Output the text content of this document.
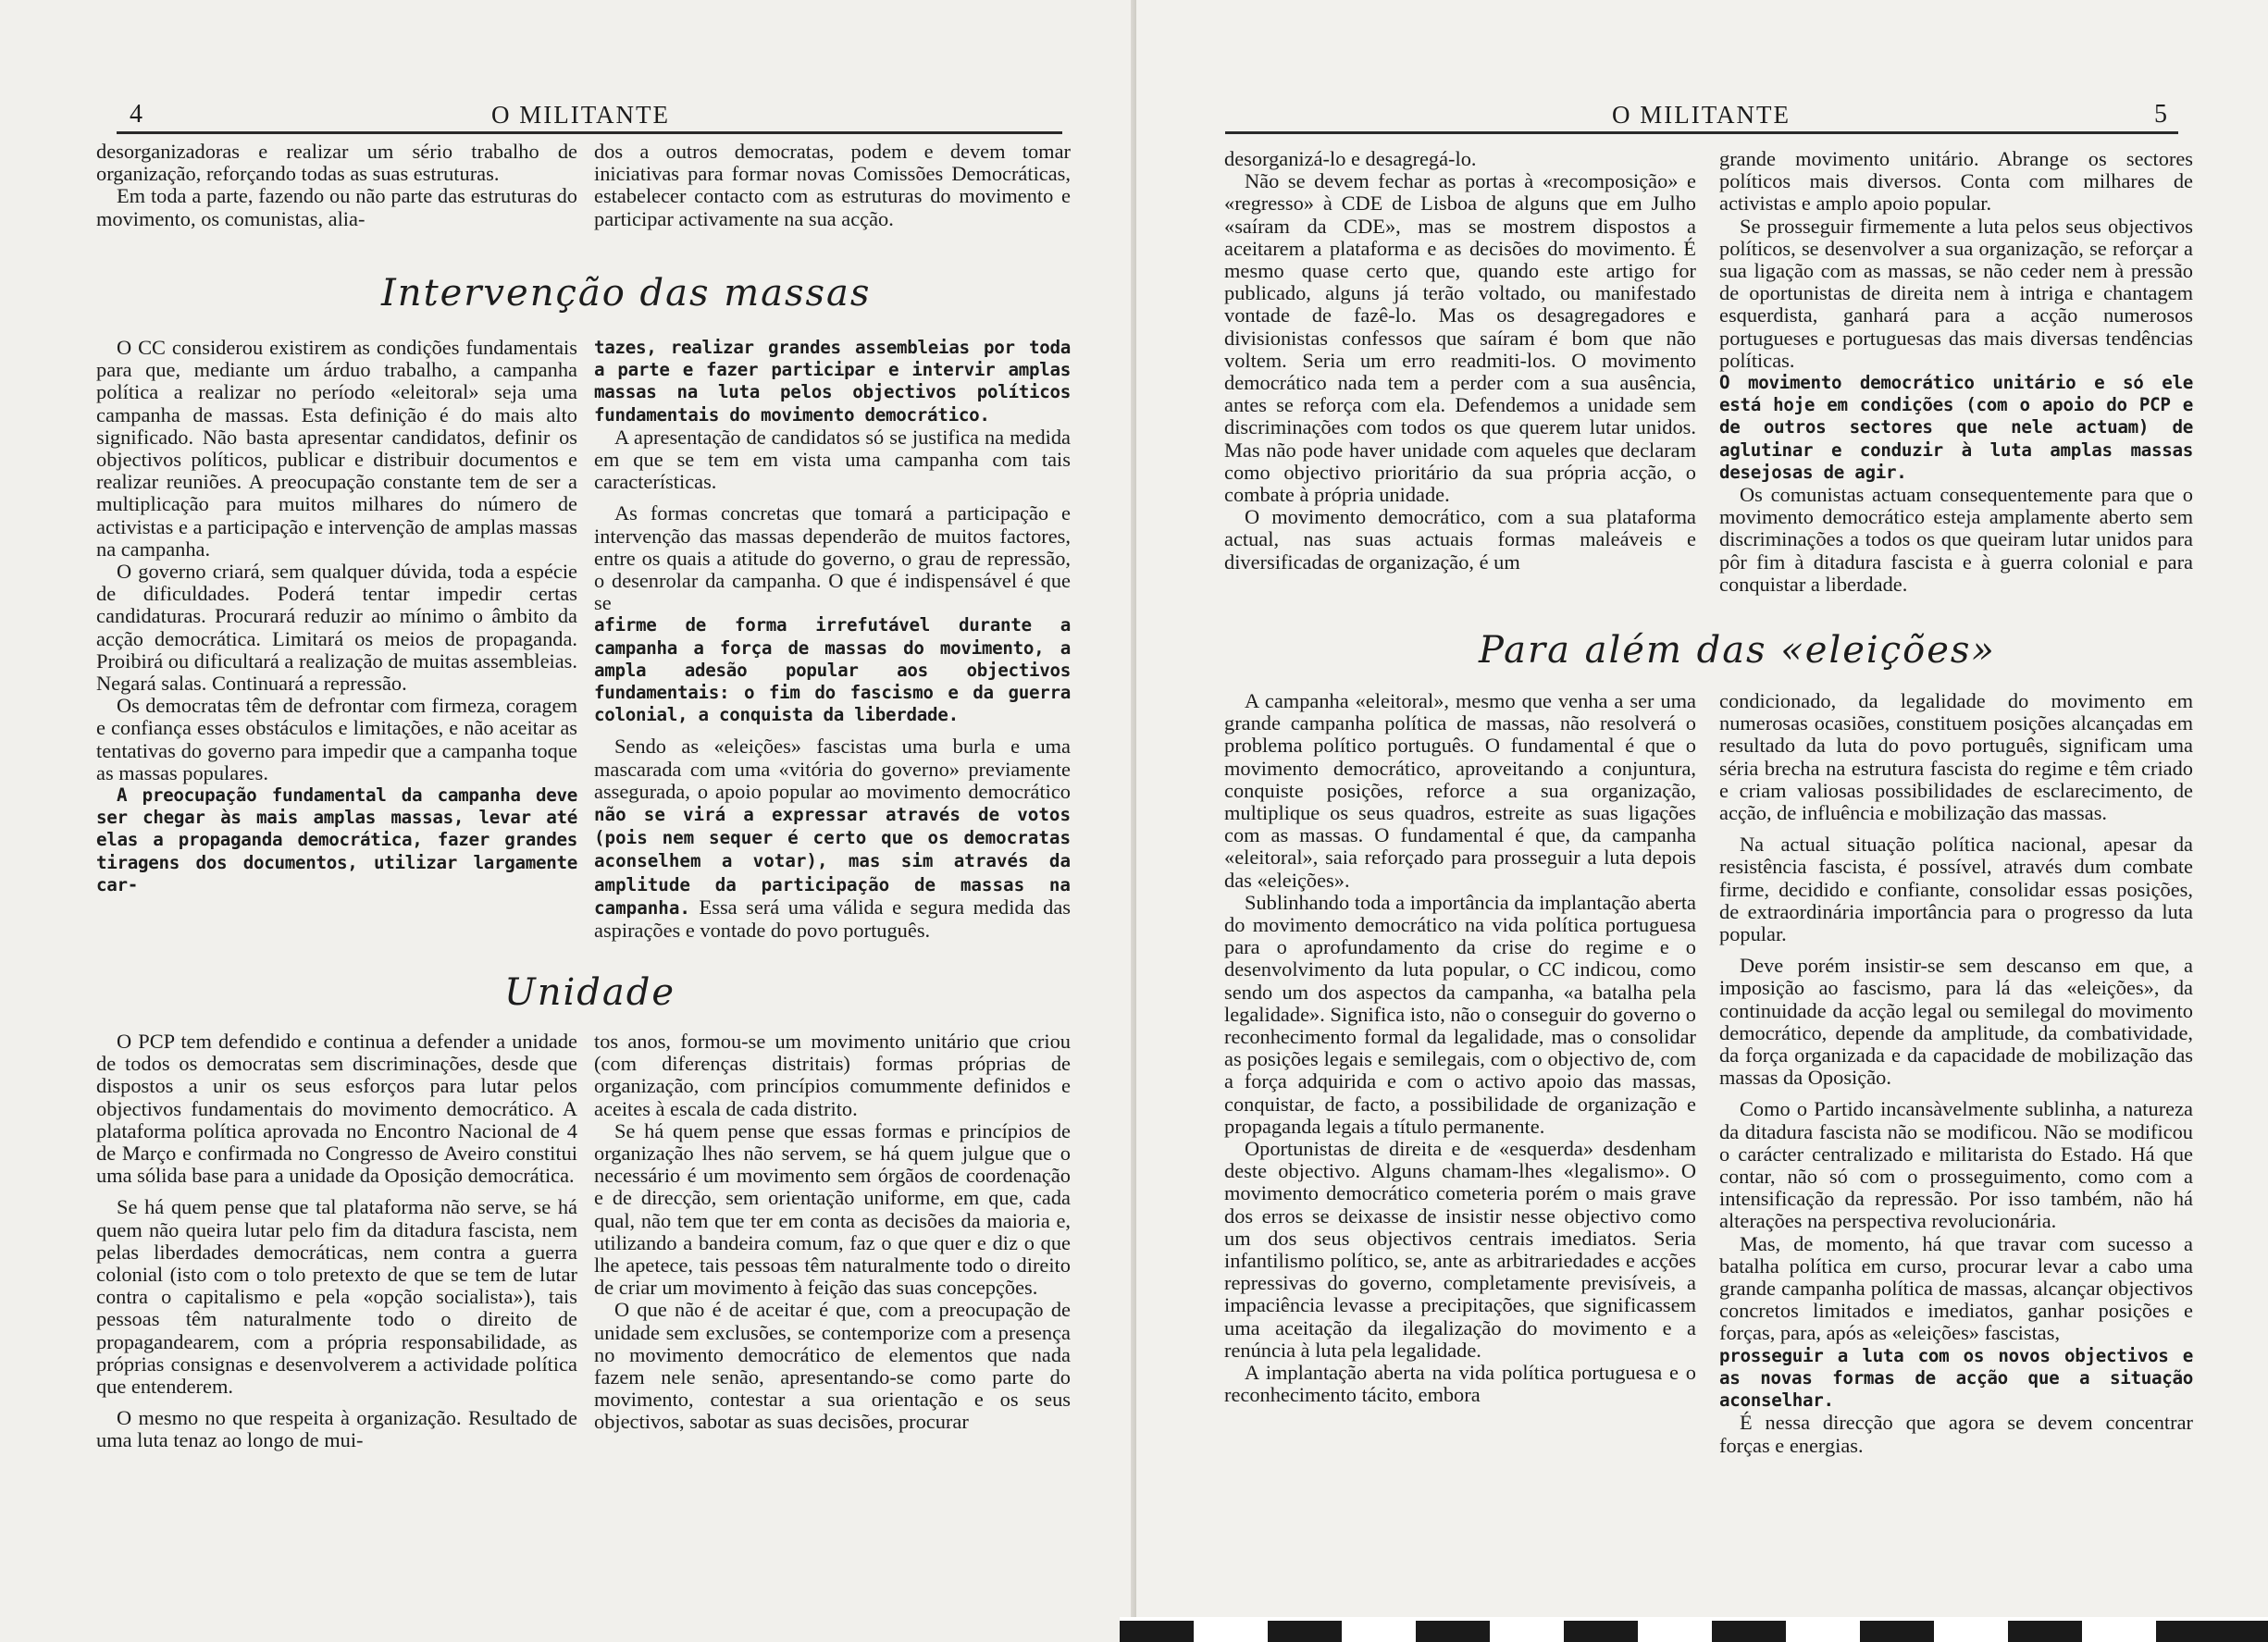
4	O MILITANTE

desorganizadoras e realizar um sério trabalho de organização, reforçando todas as suas estruturas.

Em toda a parte, fazendo ou não parte das estruturas do movimento, os comunistas, alia-

dos a outros democratas, podem e devem tomar iniciativas para formar novas Comissões Democráticas, estabelecer contacto com as estruturas do movimento e participar activamente na sua acção.

Intervenção das massas

O CC considerou existirem as condições fundamentais para que, mediante um árduo trabalho, a campanha política a realizar no período «eleitoral» seja uma campanha de massas. Esta definição é do mais alto significado. Não basta apresentar candidatos, definir os objectivos políticos, publicar e distribuir documentos e realizar reuniões. A preocupação constante tem de ser a multiplicação para muitos milhares do número de activistas e a participação e intervenção de amplas massas na campanha.

O governo criará, sem qualquer dúvida, toda a espécie de dificuldades. Poderá tentar impedir certas candidaturas. Procurará reduzir ao mínimo o âmbito da acção democrática. Limitará os meios de propaganda. Proibirá ou dificultará a realização de muitas assembleias. Negará salas. Continuará a repressão.

Os democratas têm de defrontar com firmeza, coragem e confiança esses obstáculos e limitações, e não aceitar as tentativas do governo para impedir que a campanha toque as massas populares.

A preocupação fundamental da campanha deve ser chegar às mais amplas massas, levar até elas a propaganda democrática, fazer grandes tiragens dos documentos, utilizar largamente car-

tazes, realizar grandes assembleias por toda a parte e fazer participar e intervir amplas massas na luta pelos objectivos políticos fundamentais do movimento democrático.

A apresentação de candidatos só se justifica na medida em que se tem em vista uma campanha com tais características.

As formas concretas que tomará a participação e intervenção das massas dependerão de muitos factores, entre os quais a atitude do governo, o grau de repressão, o desenrolar da campanha. O que é indispensável é que se

afirme de forma irrefutável durante a campanha a força de massas do movimento, a ampla adesão popular aos objectivos fundamentais: o fim do fascismo e da guerra colonial, a conquista da liberdade.

Sendo as «eleições» fascistas uma burla e uma mascarada com uma «vitória do governo» previamente assegurada, o apoio popular ao movimento democrático não se virá a expressar através de votos (pois nem sequer é certo que os democratas aconselhem a votar), mas sim através da amplitude da participação de massas na campanha. Essa será uma válida e segura medida das aspirações e vontade do povo português.

Unidade

O PCP tem defendido e continua a defender a unidade de todos os democratas sem discriminações, desde que dispostos a unir os seus esforços para lutar pelos objectivos fundamentais do movimento democrático. A plataforma política aprovada no Encontro Nacional de 4 de Março e confirmada no Congresso de Aveiro constitui uma sólida base para a unidade da Oposição democrática.

Se há quem pense que tal plataforma não serve, se há quem não queira lutar pelo fim da ditadura fascista, nem pelas liberdades democráticas, nem contra a guerra colonial (isto com o tolo pretexto de que se tem de lutar contra o capitalismo e pela «opção socialista»), tais pessoas têm naturalmente todo o direito de propagandearem, com a própria responsabilidade, as próprias consignas e desenvolverem a actividade política que entenderem.

O mesmo no que respeita à organização. Resultado de uma luta tenaz ao longo de mui-

tos anos, formou-se um movimento unitário que criou (com diferenças distritais) formas próprias de organização, com princípios comummente definidos e aceites à escala de cada distrito.

Se há quem pense que essas formas e princípios de organização lhes não servem, se há quem julgue que o necessário é um movimento sem órgãos de coordenação e de direcção, sem orientação uniforme, em que, cada qual, não tem que ter em conta as decisões da maioria e, utilizando a bandeira comum, faz o que quer e diz o que lhe apetece, tais pessoas têm naturalmente todo o direito de criar um movimento à feição das suas concepções.

O que não é de aceitar é que, com a preocupação de unidade sem exclusões, se contemporize com a presença no movimento democrático de elementos que nada fazem nele senão, apresentando-se como parte do movimento, contestar a sua orientação e os seus objectivos, sabotar as suas decisões, procurar

O MILITANTE	5

desorganizá-lo e desagregá-lo.

Não se devem fechar as portas à «recomposição» e «regresso» à CDE de Lisboa de alguns que em Julho «saíram da CDE», mas se mostrem dispostos a aceitarem a plataforma e as decisões do movimento. É mesmo quase certo que, quando este artigo for publicado, alguns já terão voltado, ou manifestado vontade de fazê-lo. Mas os desagregadores e divisionistas confessos que saíram é bom que não voltem. Seria um erro readmiti-los. O movimento democrático nada tem a perder com a sua ausência, antes se reforça com ela. Defendemos a unidade sem discriminações com todos os que querem lutar unidos. Mas não pode haver unidade com aqueles que declaram como objectivo prioritário da sua própria acção, o combate à própria unidade.

O movimento democrático, com a sua plataforma actual, nas suas actuais formas maleáveis e diversificadas de organização, é um

grande movimento unitário. Abrange os sectores políticos mais diversos. Conta com milhares de activistas e amplo apoio popular.

Se prosseguir firmemente a luta pelos seus objectivos políticos, se desenvolver a sua organização, se reforçar a sua ligação com as massas, se não ceder nem à pressão de oportunistas de direita nem à intriga e chantagem esquerdista, ganhará para a acção numerosos portugueses e portuguesas das mais diversas tendências políticas.

O movimento democrático unitário e só ele está hoje em condições (com o apoio do PCP e de outros sectores que nele actuam) de aglutinar e conduzir à luta amplas massas desejosas de agir.

Os comunistas actuam consequentemente para que o movimento democrático esteja amplamente aberto sem discriminações a todos os que queiram lutar unidos para pôr fim à ditadura fascista e à guerra colonial e para conquistar a liberdade.

Para além das «eleições»

A campanha «eleitoral», mesmo que venha a ser uma grande campanha política de massas, não resolverá o problema político português. O fundamental é que o movimento democrático, aproveitando a conjuntura, conquiste posições, reforce a sua organização, multiplique os seus quadros, estreite as suas ligações com as massas. O fundamental é que, da campanha «eleitoral», saia reforçado para prosseguir a luta depois das «eleições».

Sublinhando toda a importância da implantação aberta do movimento democrático na vida política portuguesa para o aprofundamento da crise do regime e o desenvolvimento da luta popular, o CC indicou, como sendo um dos aspectos da campanha, «a batalha pela legalidade». Significa isto, não o conseguir do governo o reconhecimento formal da legalidade, mas o consolidar as posições legais e semilegais, com o objectivo de, com a força adquirida e com o activo apoio das massas, conquistar, de facto, a possibilidade de organização e propaganda legais a título permanente.

Oportunistas de direita e de «esquerda» desdenham deste objectivo. Alguns chamam-lhes «legalismo». O movimento democrático cometeria porém o mais grave dos erros se deixasse de insistir nesse objectivo como um dos seus objectivos centrais imediatos. Seria infantilismo político, se, ante as arbitrariedades e acções repressivas do governo, completamente previsíveis, a impaciência levasse a precipitações, que significassem uma aceitação da ilegalização do movimento e a renúncia à luta pela legalidade.

A implantação aberta na vida política portuguesa e o reconhecimento tácito, embora

condicionado, da legalidade do movimento em numerosas ocasiões, constituem posições alcançadas em resultado da luta do povo português, significam uma séria brecha na estrutura fascista do regime e têm criado e criam valiosas possibilidades de esclarecimento, de acção, de influência e mobilização das massas.

Na actual situação política nacional, apesar da resistência fascista, é possível, através dum combate firme, decidido e confiante, consolidar essas posições, de extraordinária importância para o progresso da luta popular.

Deve porém insistir-se sem descanso em que, a imposição ao fascismo, para lá das «eleições», da continuidade da acção legal ou semilegal do movimento democrático, depende da amplitude, da combatividade, da força organizada e da capacidade de mobilização das massas da Oposição.

Como o Partido incansàvelmente sublinha, a natureza da ditadura fascista não se modificou. Não se modificou o carácter centralizado e militarista do Estado. Há que contar, não só com o prosseguimento, como com a intensificação da repressão. Por isso também, não há alterações na perspectiva revolucionária.

Mas, de momento, há que travar com sucesso a batalha política em curso, procurar levar a cabo uma grande campanha política de massas, alcançar objectivos concretos limitados e imediatos, ganhar posições e forças, para, após as «eleições» fascistas,

prosseguir a luta com os novos objectivos e as novas formas de acção que a situação aconselhar.

É nessa direcção que agora se devem concentrar forças e energias.
